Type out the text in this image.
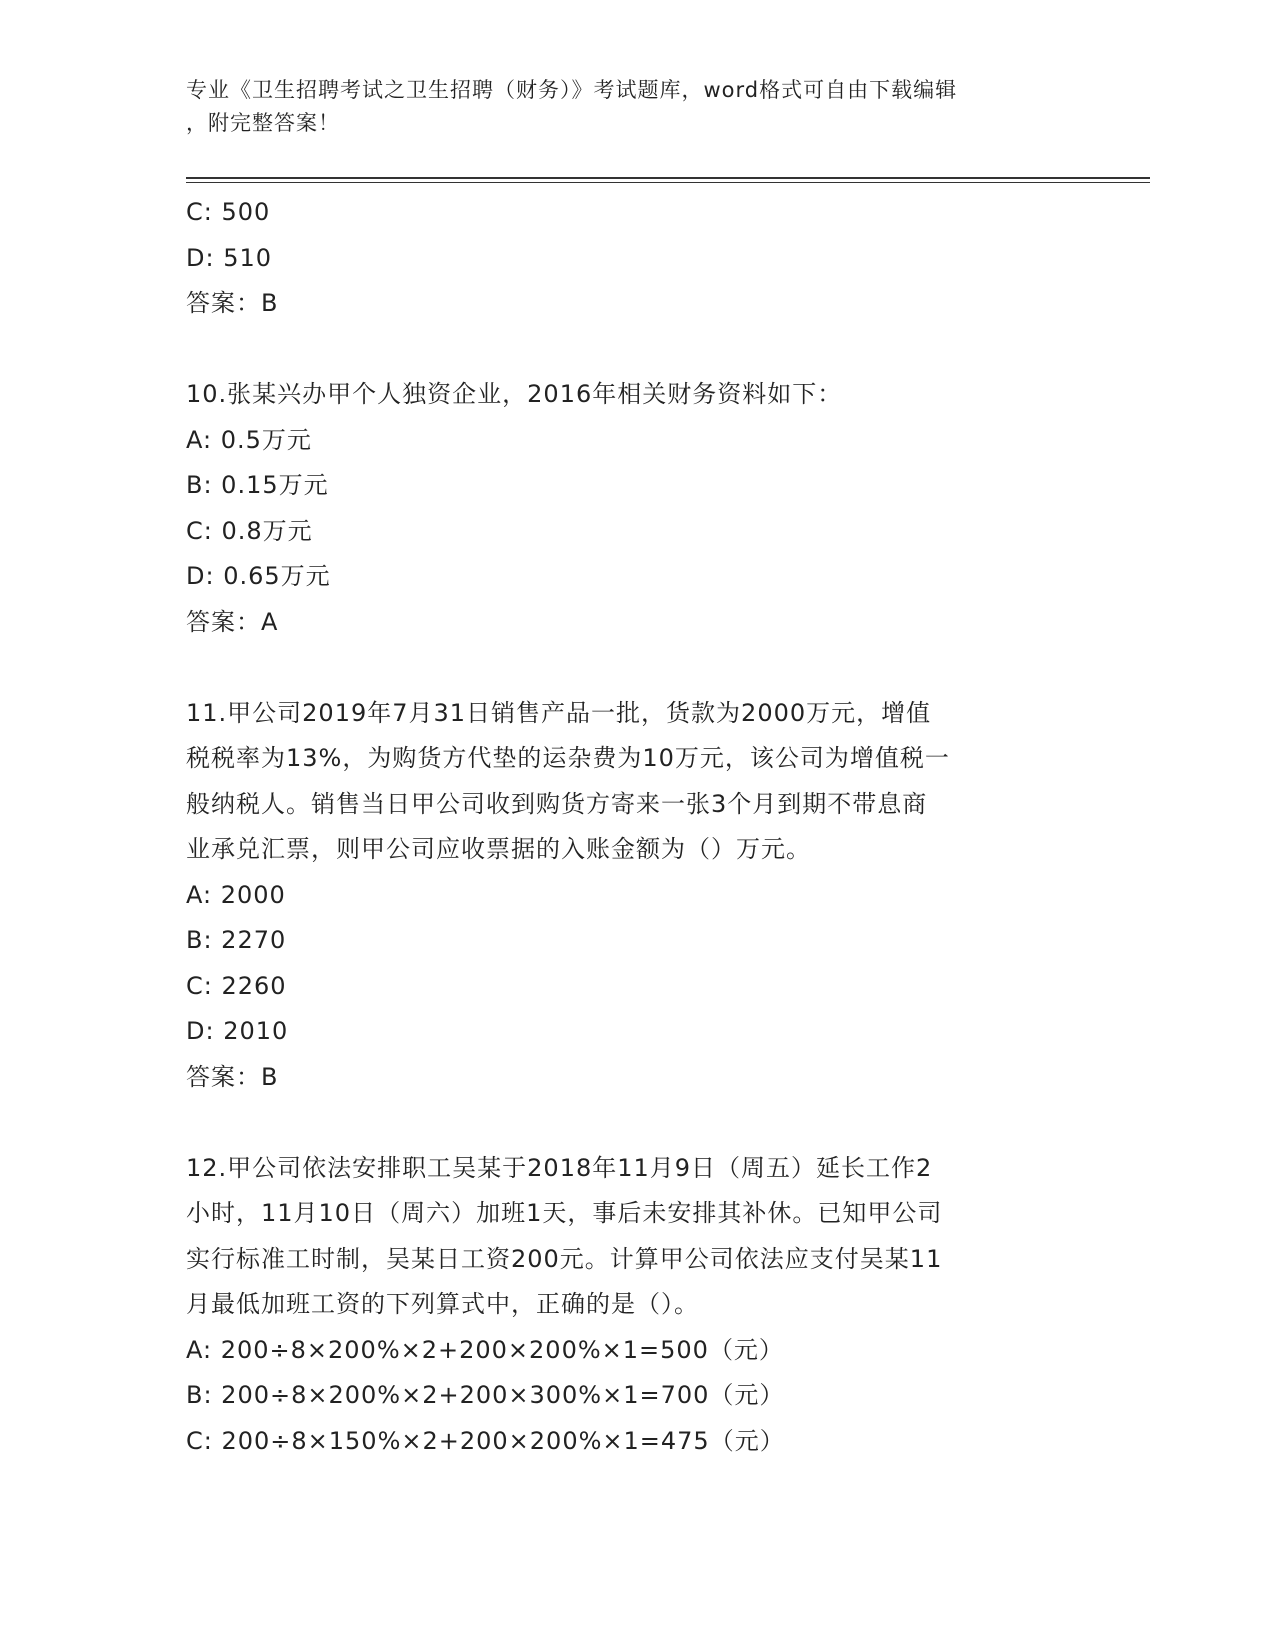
专业《卫生招聘考试之卫生招聘（财务）》考试题库，word格式可自由下载编辑
，附完整答案！
C: 500
D: 510
答案：B
10.张某兴办甲个人独资企业，2016年相关财务资料如下：
A: 0.5万元
B: 0.15万元
C: 0.8万元
D: 0.65万元
答案：A
11.甲公司2019年7月31日销售产品一批，货款为2000万元，增值
税税率为13%，为购货方代垫的运杂费为10万元，该公司为增值税一
般纳税人。销售当日甲公司收到购货方寄来一张3个月到期不带息商
业承兑汇票，则甲公司应收票据的入账金额为（）万元。
A: 2000
B: 2270
C: 2260
D: 2010
答案：B
12.甲公司依法安排职工吴某于2018年11月9日（周五）延长工作2
小时，11月10日（周六）加班1天，事后未安排其补休。已知甲公司
实行标准工时制，吴某日工资200元。计算甲公司依法应支付吴某11
月最低加班工资的下列算式中，正确的是（）。
A: 200÷8×200%×2+200×200%×1=500（元）
B: 200÷8×200%×2+200×300%×1=700（元）
C: 200÷8×150%×2+200×200%×1=475（元）
